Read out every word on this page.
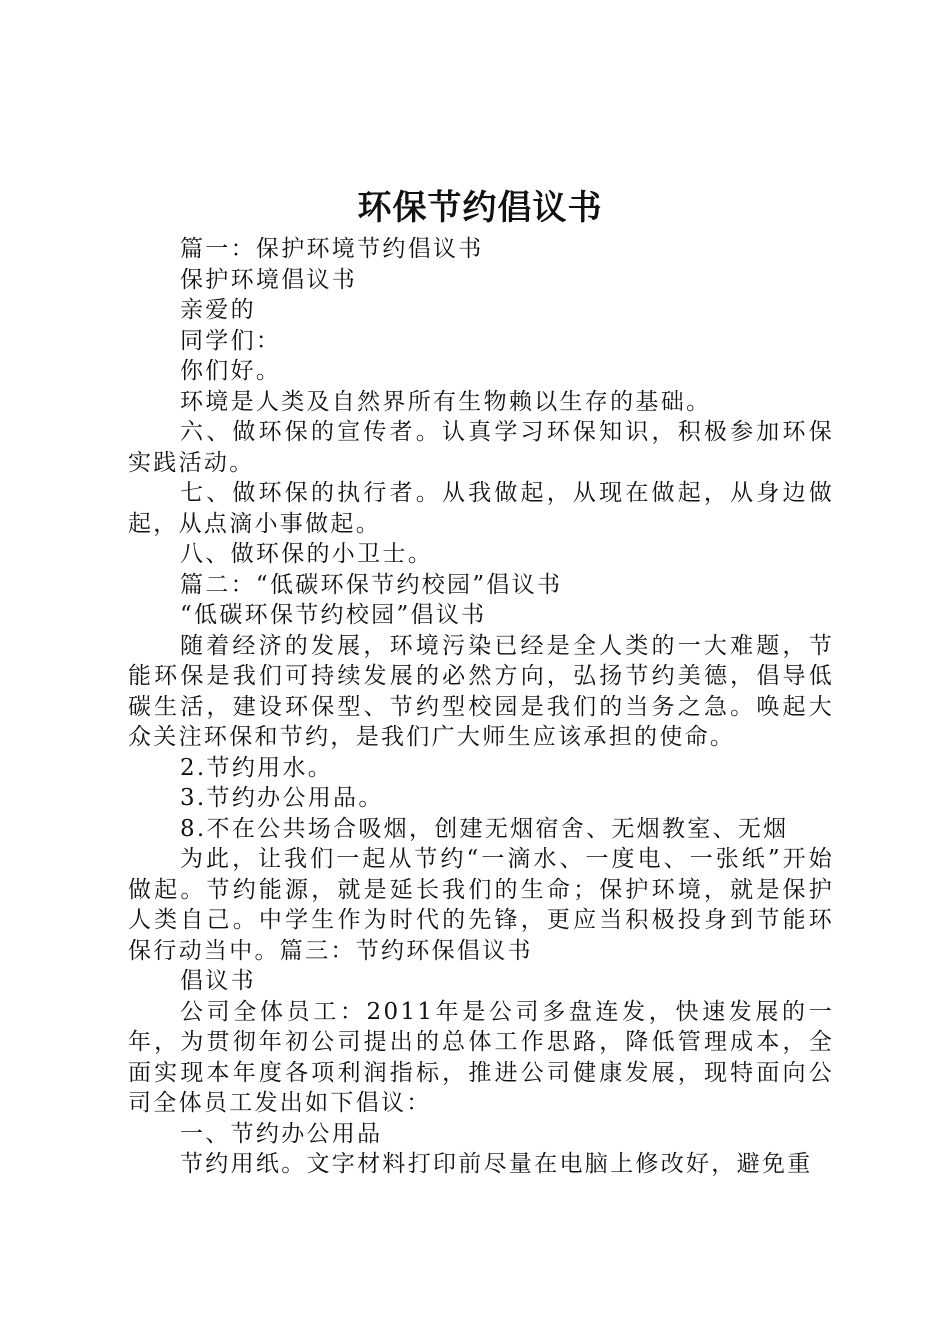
环保节约倡议书

篇一：保护环境节约倡议书

保护环境倡议书

亲爱的

同学们：

你们好。

环境是人类及自然界所有生物赖以生存的基础。

六、做环保的宣传者。认真学习环保知识，积极参加环保实践活动。

七、做环保的执行者。从我做起，从现在做起，从身边做起，从点滴小事做起。

八、做环保的小卫士。

篇二：“低碳环保节约校园”倡议书

“低碳环保节约校园”倡议书

随着经济的发展，环境污染已经是全人类的一大难题，节能环保是我们可持续发展的必然方向，弘扬节约美德，倡导低碳生活，建设环保型、节约型校园是我们的当务之急。唤起大众关注环保和节约，是我们广大师生应该承担的使命。

2.节约用水。

3.节约办公用品。

8.不在公共场合吸烟，创建无烟宿舍、无烟教室、无烟

为此，让我们一起从节约“一滴水、一度电、一张纸”开始做起。节约能源，就是延长我们的生命；保护环境，就是保护人类自己。中学生作为时代的先锋，更应当积极投身到节能环保行动当中。篇三：节约环保倡议书

倡议书

公司全体员工：2011年是公司多盘连发，快速发展的一年，为贯彻年初公司提出的总体工作思路，降低管理成本，全面实现本年度各项利润指标，推进公司健康发展，现特面向公司全体员工发出如下倡议：

一、节约办公用品

节约用纸。文字材料打印前尽量在电脑上修改好，避免重
